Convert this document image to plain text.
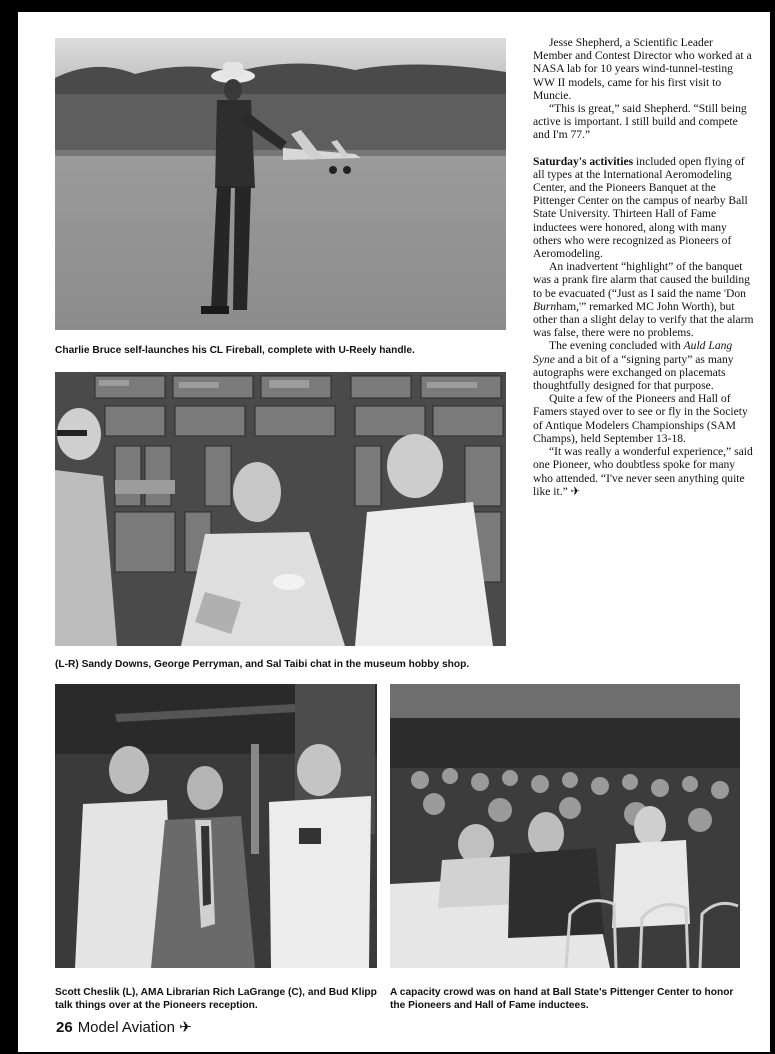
Charlie Bruce self-launches his CL Fireball, complete with U-Reely handle.
(L-R) Sandy Downs, George Perryman, and Sal Taibi chat in the museum hobby shop.
Scott Cheslik (L), AMA Librarian Rich LaGrange (C), and Bud Klipp talk things over at the Pioneers reception.
A capacity crowd was on hand at Ball State's Pittenger Center to honor the Pioneers and Hall of Fame inductees.

Jesse Shepherd, a Scientific Leader Member and Contest Director who worked at a NASA lab for 10 years wind-tunnel-testing WW II models, came for his first visit to Muncie.

“This is great,” said Shepherd. “Still being active is important. I still build and compete and I'm 77.”

Saturday's activities included open flying of all types at the International Aeromodeling Center, and the Pioneers Banquet at the Pittenger Center on the campus of nearby Ball State University. Thirteen Hall of Fame inductees were honored, along with many others who were recognized as Pioneers of Aeromodeling.

An inadvertent “highlight” of the banquet was a prank fire alarm that caused the building to be evacuated (“Just as I said the name 'Don Burnham,'” remarked MC John Worth), but other than a slight delay to verify that the alarm was false, there were no problems.

The evening concluded with Auld Lang Syne and a bit of a “signing party” as many autographs were exchanged on placemats thoughtfully designed for that purpose.

Quite a few of the Pioneers and Hall of Famers stayed over to see or fly in the Society of Antique Modelers Championships (SAM Champs), held September 13-18.

“It was really a wonderful experience,” said one Pioneer, who doubtless spoke for many who attended. “I've never seen anything quite like it.” ✈

26 Model Aviation ✈
